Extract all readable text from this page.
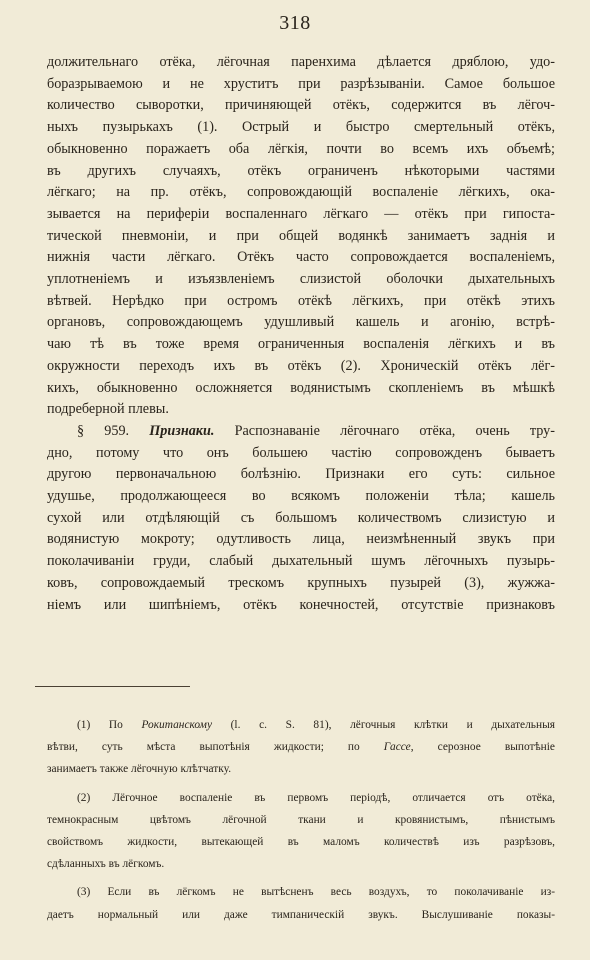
318
должительнаго отёка, лёгочная паренхима дѣлается дряблою, удо-
боразрываемою и не хруститъ при разрѣзываніи. Самое большое
количество сыворотки, причиняющей отёкъ, содержится въ лёгоч-
ныхъ пузырькахъ (1). Острый и быстро смертельный отёкъ,
обыкновенно поражаетъ оба лёгкія, почти во всемъ ихъ объемѣ;
въ другихъ случаяхъ, отёкъ ограниченъ нѣкоторыми частями
лёгкаго; на пр. отёкъ, сопровождающій воспаленіе лёгкихъ, ока-
зывается на периферіи воспаленнаго лёгкаго — отёкъ при гипоста-
тической пневмоніи, и при общей водянкѣ занимаетъ заднія и
нижнія части лёгкаго. Отёкъ часто сопровождается воспаленіемъ,
уплотненіемъ и изъязвленіемъ слизистой оболочки дыхательныхъ
вѣтвей. Нерѣдко при остромъ отёкѣ лёгкихъ, при отёкѣ этихъ
органовъ, сопровождающемъ удушливый кашель и агонію, встрѣ-
чаю тѣ въ тоже время ограниченныя воспаленія лёгкихъ и въ
окружности переходъ ихъ въ отёкъ (2). Хроническій отёкъ лёг-
кихъ, обыкновенно осложняется водянистымъ скопленіемъ въ мѣшкѣ
подреберной плевы.
§ 959. Признаки. Распознаваніе лёгочнаго отёка, очень тру-
дно, потому что онъ большею частію сопровожденъ бываетъ
другою первоначальною болѣзнію. Признаки его суть: сильное
удушье, продолжающееся во всякомъ положеніи тѣла; кашель
сухой или отдѣляющій съ большомъ количествомъ слизистую и
водянистую мокроту; одутливость лица, неизмѣненный звукъ при
поколачиваніи груди, слабый дыхательный шумъ лёгочныхъ пузырь-
ковъ, сопровождаемый трескомъ крупныхъ пузырей (3), жужжа-
ніемъ или шипѣніемъ, отёкъ конечностей, отсутствіе признаковъ
(1) По Рокитанскому (l. c. S. 81), лёгочныя клѣтки и дыхательныя
вѣтви, суть мѣста выпотѣнія жидкости; по Гассе, серозное выпотѣніе
занимаетъ также лёгочную клѣтчатку.
(2) Лёгочное воспаленіе въ первомъ періодѣ, отличается отъ отёка,
темнокрасным цвѣтомъ лёгочной ткани и кровянистымъ, пѣнистымъ
свойствомъ жидкости, вытекающей въ маломъ количествѣ изъ разрѣзовъ,
сдѣланныхъ въ лёгкомъ.
(3) Если въ лёгкомъ не вытѣсненъ весь воздухъ, то поколачиваніе из-
даетъ нормальный или даже тимпаническій звукъ. Выслушиваніе показы-
